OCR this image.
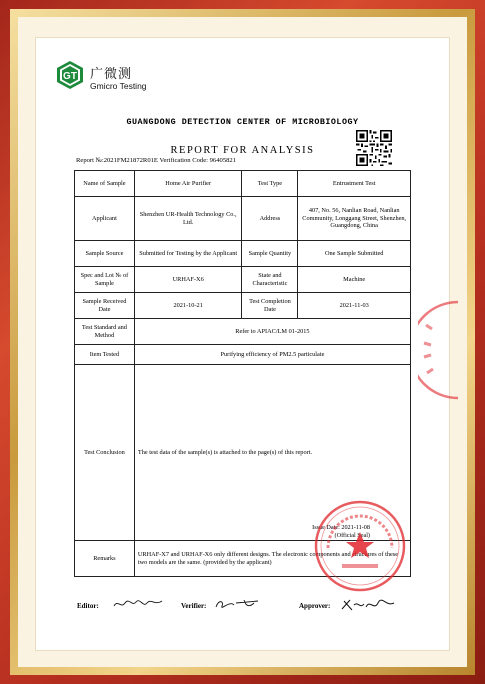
GT 广微测
Gmicro Testing
GUANGDONG DETECTION CENTER OF MICROBIOLOGY
REPORT FOR ANALYSIS
Report №:2021FM21872R01E Verification Code: 96405821
Name of Sample	Home Air Purifier	Test Type	Entrustment Test
Applicant	Shenzhen UR-Health Technology Co., Ltd.	Address	407, No. 56, Nanlian Road, Nanlian Community, Longgang Street, Shenzhen, Guangdong, China
Sample Source	Submitted for Testing by the Applicant	Sample Quantity	One Sample Submitted
Spec and Lot № of Sample	URHAF-X6	State and Characteristic	Machine
Sample Received Date	2021-10-21	Test Completion Date	2021-11-03
Test Standard and Method	Refer to APIAC/LM 01-2015		
Item Tested	Purifying efficiency of PM2.5 particulate		
Test Conclusion	The test data of the sample(s) is attached to the page(s) of this report.		
Remarks	URHAF-X7 and URHAF-X6 only different designs. The electronic components and structures of these two models are the same. (provided by the applicant)		
Issue Date: 2021-11-08
(Official Seal)
Editor:	Verifier:	Approver:
